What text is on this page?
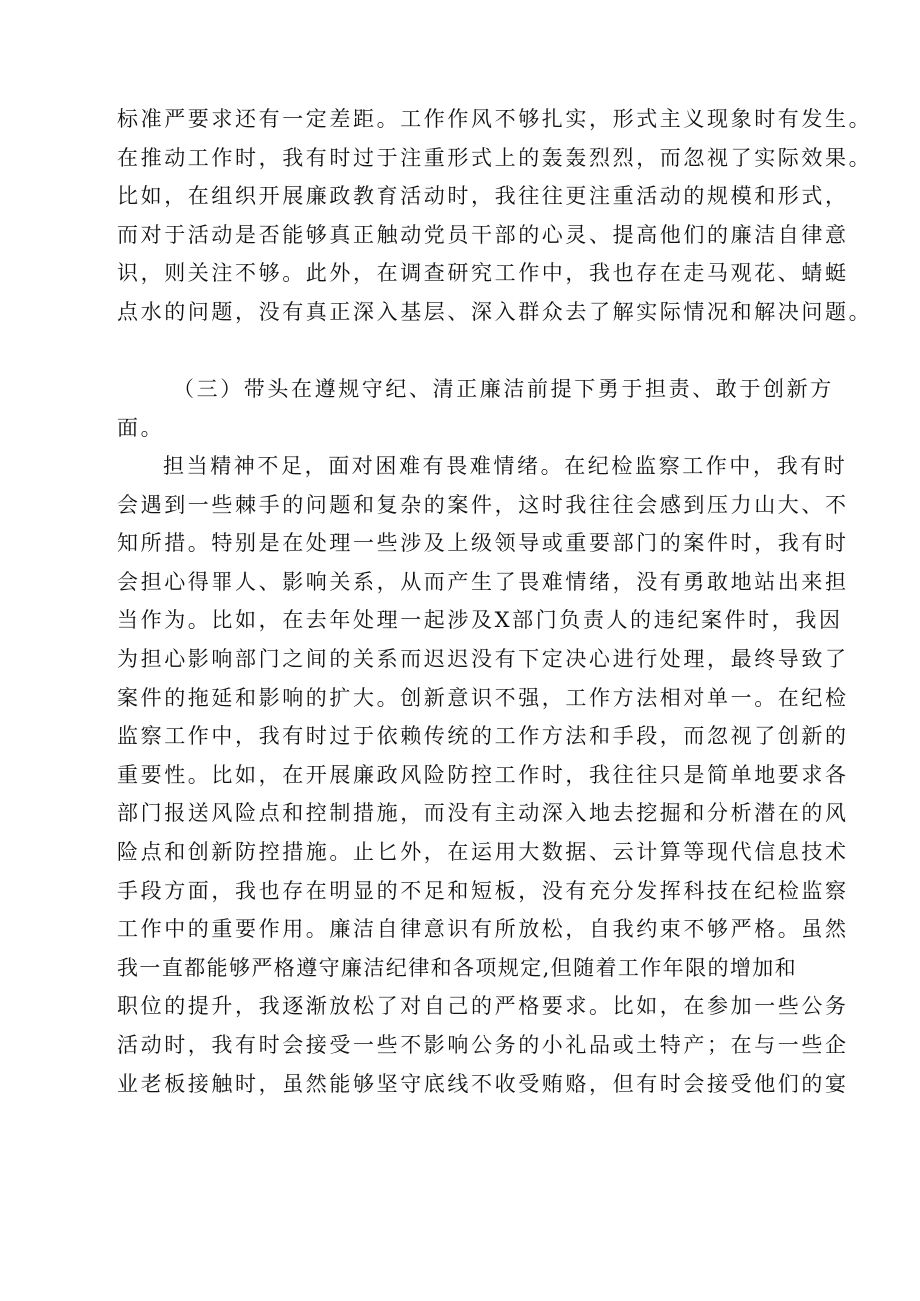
标准严要求还有一定差距。工作作风不够扎实，形式主义现象时有发生。
在推动工作时，我有时过于注重形式上的轰轰烈烈，而忽视了实际效果。
比如，在组织开展廉政教育活动时，我往往更注重活动的规模和形式，
而对于活动是否能够真正触动党员干部的心灵、提高他们的廉洁自律意
识，则关注不够。此外，在调查研究工作中，我也存在走马观花、蜻蜓
点水的问题，没有真正深入基层、深入群众去了解实际情况和解决问题。
（三）带头在遵规守纪、清正廉洁前提下勇于担责、敢于创新方
面。
担当精神不足，面对困难有畏难情绪。在纪检监察工作中，我有时
会遇到一些棘手的问题和复杂的案件，这时我往往会感到压力山大、不
知所措。特别是在处理一些涉及上级领导或重要部门的案件时，我有时
会担心得罪人、影响关系，从而产生了畏难情绪，没有勇敢地站出来担
当作为。比如，在去年处理一起涉及X部门负责人的违纪案件时，我因
为担心影响部门之间的关系而迟迟没有下定决心进行处理，最终导致了
案件的拖延和影响的扩大。创新意识不强，工作方法相对单一。在纪检
监察工作中，我有时过于依赖传统的工作方法和手段，而忽视了创新的
重要性。比如，在开展廉政风险防控工作时，我往往只是简单地要求各
部门报送风险点和控制措施，而没有主动深入地去挖掘和分析潜在的风
险点和创新防控措施。止匕外，在运用大数据、云计算等现代信息技术
手段方面，我也存在明显的不足和短板，没有充分发挥科技在纪检监察
工作中的重要作用。廉洁自律意识有所放松，自我约束不够严格。虽然
我一直都能够严格遵守廉洁纪律和各项规定,但随着工作年限的增加和
职位的提升，我逐渐放松了对自己的严格要求。比如，在参加一些公务
活动时，我有时会接受一些不影响公务的小礼品或土特产；在与一些企
业老板接触时，虽然能够坚守底线不收受贿赂，但有时会接受他们的宴
